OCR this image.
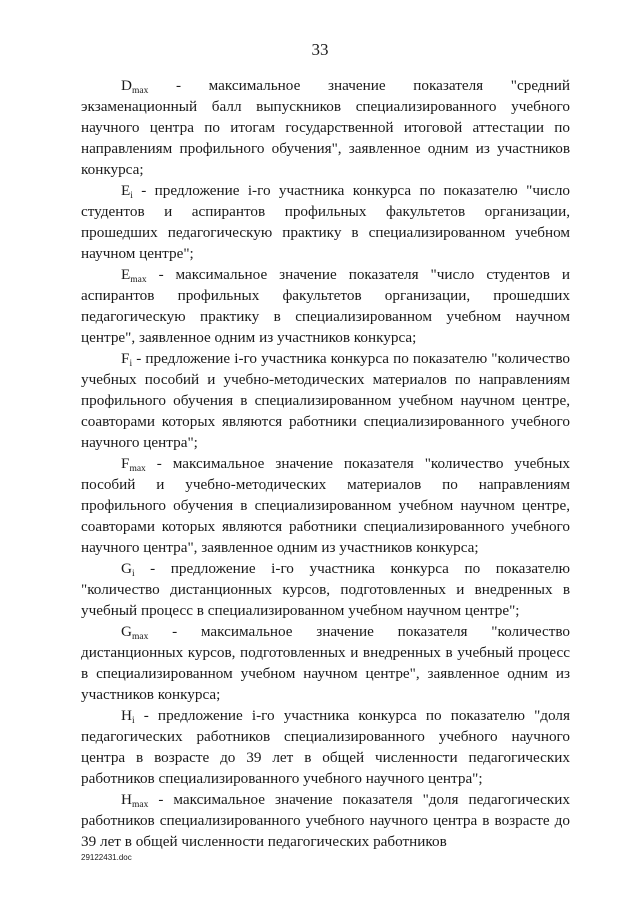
33

$D_{max}$ - максимальное значение показателя "средний экзаменационный балл выпускников специализированного учебного научного центра по итогам государственной итоговой аттестации по направлениям профильного обучения", заявленное одним из участников конкурса;

$E_i$ - предложение i-го участника конкурса по показателю "число студентов и аспирантов профильных факультетов организации, прошедших педагогическую практику в специализированном учебном научном центре";

$E_{max}$ - максимальное значение показателя "число студентов и аспирантов профильных факультетов организации, прошедших педагогическую практику в специализированном учебном научном центре", заявленное одним из участников конкурса;

$F_i$ - предложение i-го участника конкурса по показателю "количество учебных пособий и учебно-методических материалов по направлениям профильного обучения в специализированном учебном научном центре, соавторами которых являются работники специализированного учебного научного центра";

$F_{max}$ - максимальное значение показателя "количество учебных пособий и учебно-методических материалов по направлениям профильного обучения в специализированном учебном научном центре, соавторами которых являются работники специализированного учебного научного центра", заявленное одним из участников конкурса;

$G_i$ - предложение i-го участника конкурса по показателю "количество дистанционных курсов, подготовленных и внедренных в учебный процесс в специализированном учебном научном центре";

$G_{max}$ - максимальное значение показателя "количество дистанционных курсов, подготовленных и внедренных в учебный процесс в специализированном учебном научном центре", заявленное одним из участников конкурса;

$H_i$ - предложение i-го участника конкурса по показателю "доля педагогических работников специализированного учебного научного центра в возрасте до 39 лет в общей численности педагогических работников специализированного учебного научного центра";

$H_{max}$ - максимальное значение показателя "доля педагогических работников специализированного учебного научного центра в возрасте до 39 лет в общей численности педагогических работников

29122431.doc
